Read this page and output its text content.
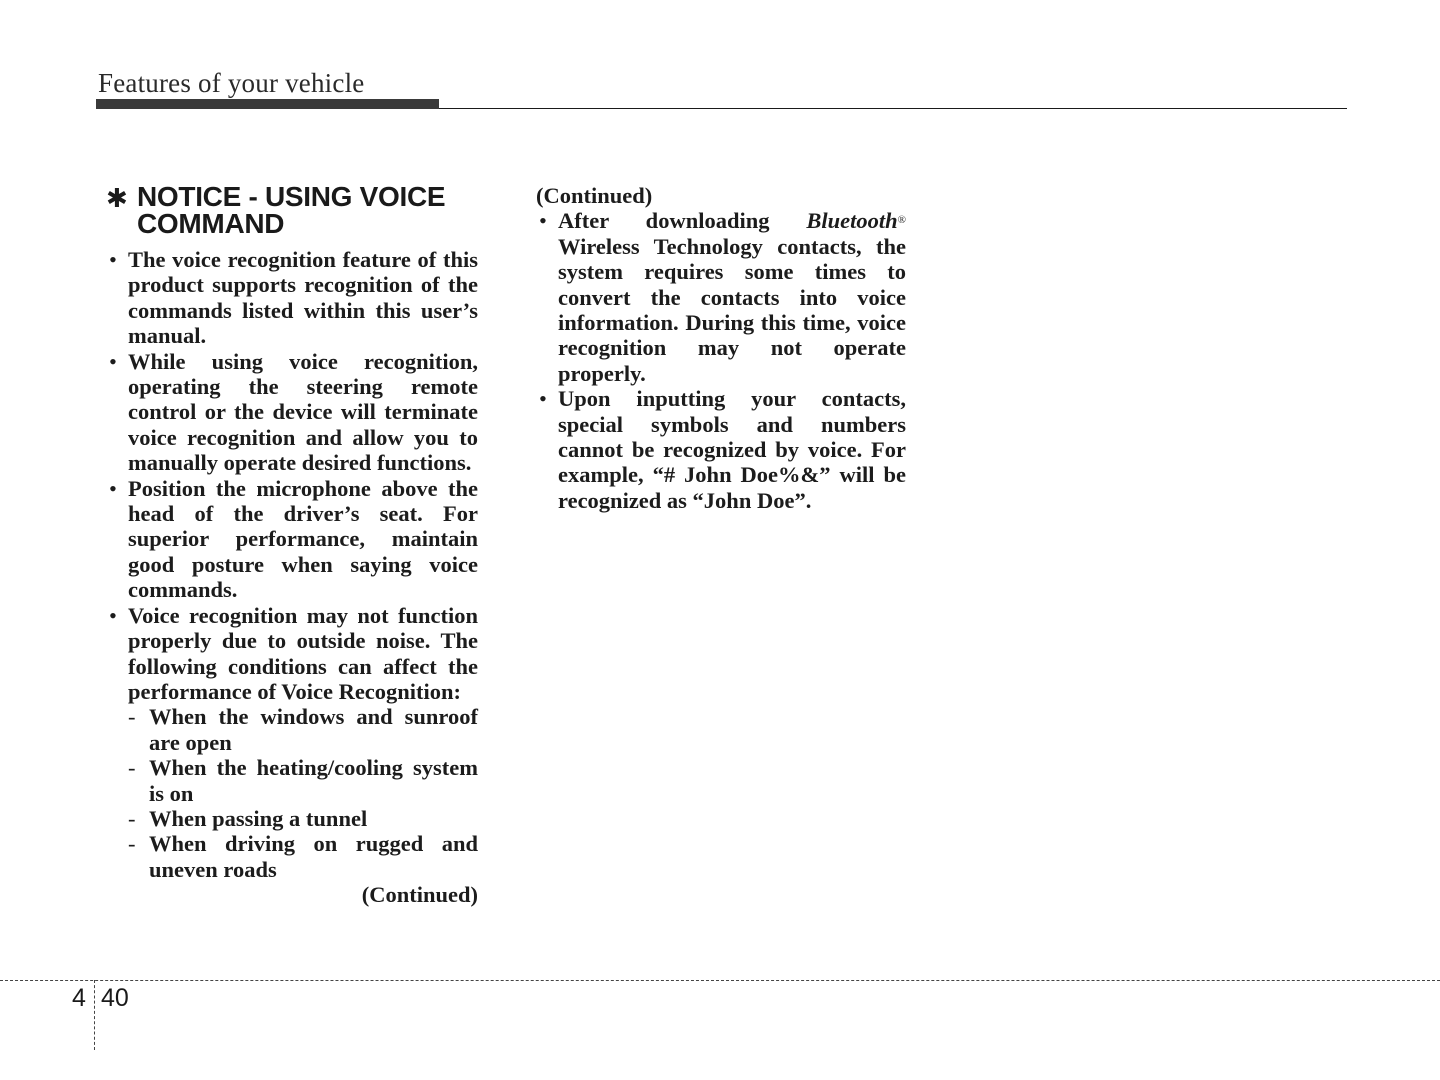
Features of your vehicle
✱ NOTICE - USING VOICE
COMMAND
• The voice recognition feature of this product supports recognition of the commands listed within this user’s manual.
• While using voice recognition, operating the steering remote control or the device will terminate voice recognition and allow you to manually operate desired functions.
• Position the microphone above the head of the driver’s seat. For superior performance, maintain good posture when saying voice commands.
• Voice recognition may not function properly due to outside noise. The following conditions can affect the performance of Voice Recognition:
- When the windows and sunroof are open
- When the heating/cooling system is on
- When passing a tunnel
- When driving on rugged and uneven roads
(Continued)
(Continued)
• After downloading Bluetooth® Wireless Technology contacts, the system requires some times to convert the contacts into voice information. During this time, voice recognition may not operate properly.
• Upon inputting your contacts, special symbols and numbers cannot be recognized by voice. For example, “# John Doe%&” will be recognized as “John Doe”.
4 40
